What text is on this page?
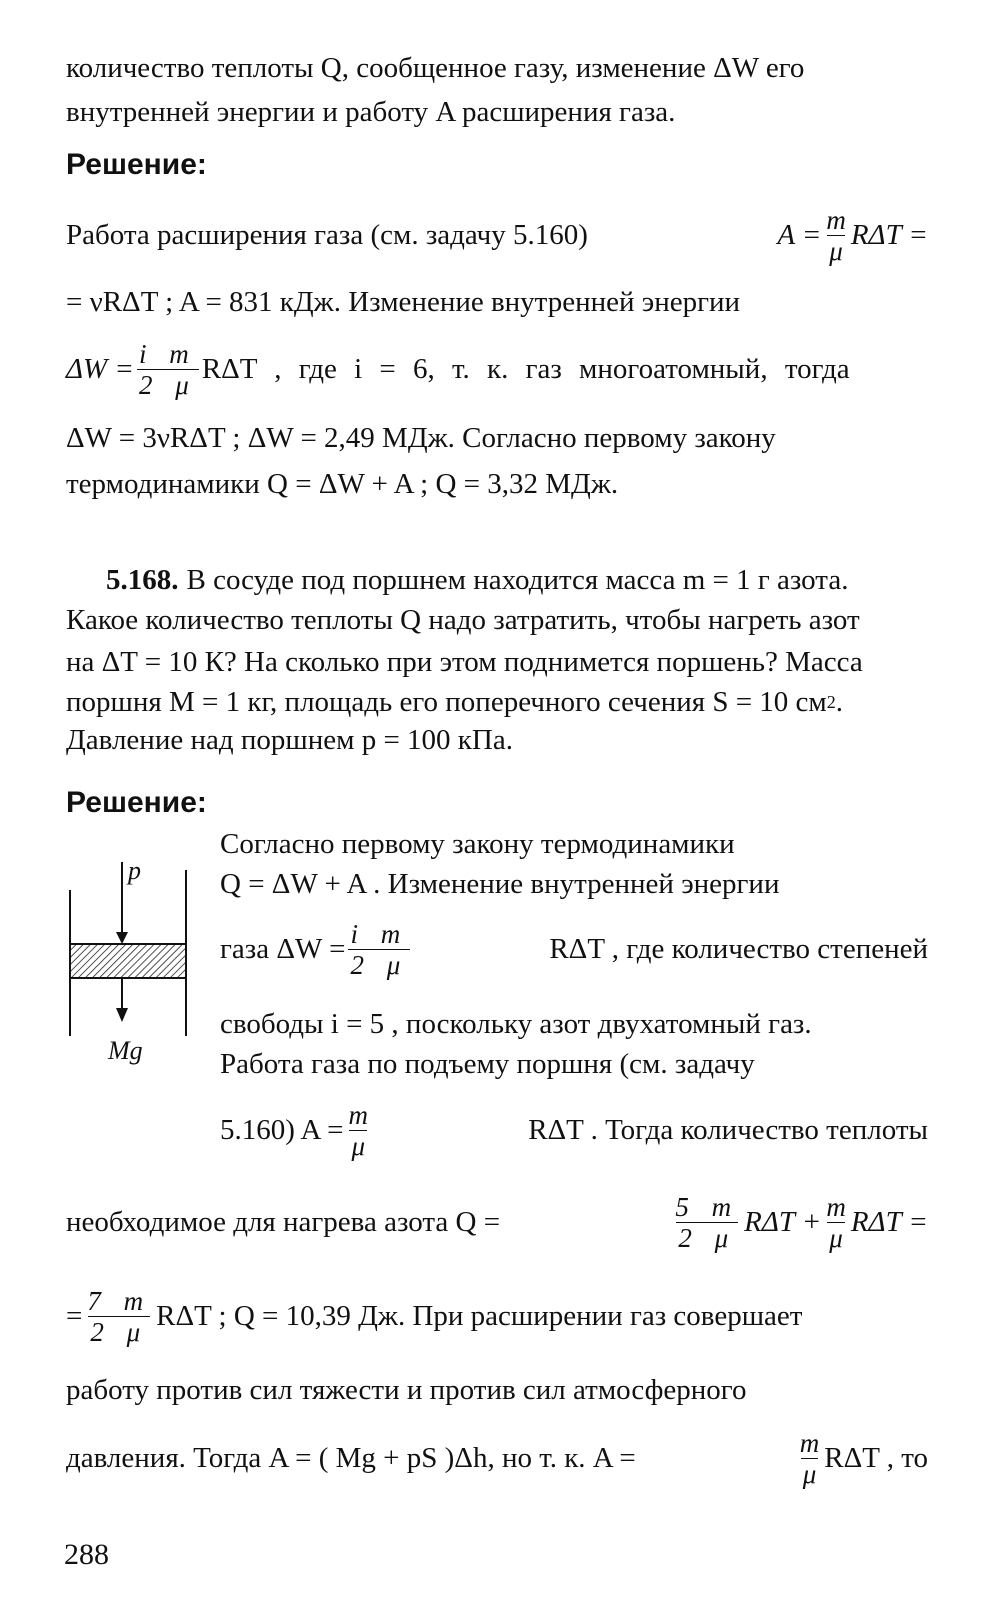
количество теплоты Q, сообщенное газу, изменение ΔW его
внутренней энергии и работу A расширения газа.
Решение:
Работа расширения газа (см. задачу 5.160)	$A = \frac{m}{\mu}$ RΔT =
= νRΔT ; A = 831 кДж. Изменение внутренней энергии
$\Delta W = \frac{\text{i m}}{2 \mu}$ RΔT , где i = 6, т. к. газ многоатомный, тогда
ΔW = 3νRΔT ; ΔW = 2,49 МДж. Согласно первому закону
термодинамики Q = ΔW + A ; Q = 3,32 МДж.
5.168. В сосуде под поршнем находится масса m = 1 г азота.
Какое количество теплоты Q надо затратить, чтобы нагреть азот
на ΔT = 10 К? На сколько при этом поднимется поршень? Масса
поршня M = 1 кг, площадь его поперечного сечения S = 10 см 2 .
Давление над поршнем p = 100 кПа.
Решение:
p⃗
Mg⃗
Согласно первому закону термодинамики
Q = ΔW + A . Изменение внутренней энергии
газа $\Delta W = \frac{\text{i m}}{2 \mu}$	RΔT , где количество степеней
свободы i = 5 , поскольку азот двухатомный газ.
Работа газа по подъему поршня (см. задачу
5.160) $A = \frac{m}{\mu}$	RΔT . Тогда количество теплоты
необходимое для нагрева азота Q =	$\frac{5 m}{2 \mu}$ $R\Delta T + \frac{m}{\mu}$ RΔT =
= $\frac{7 m}{2 \mu}$ RΔT ; Q = 10,39 Дж. При расширении газ совершает
работу против сил тяжести и против сил атмосферного
давления. Тогда A = ( Mg + pS )Δh, но т. к. A =	$\frac{m}{\mu}$ RΔT , то
288
